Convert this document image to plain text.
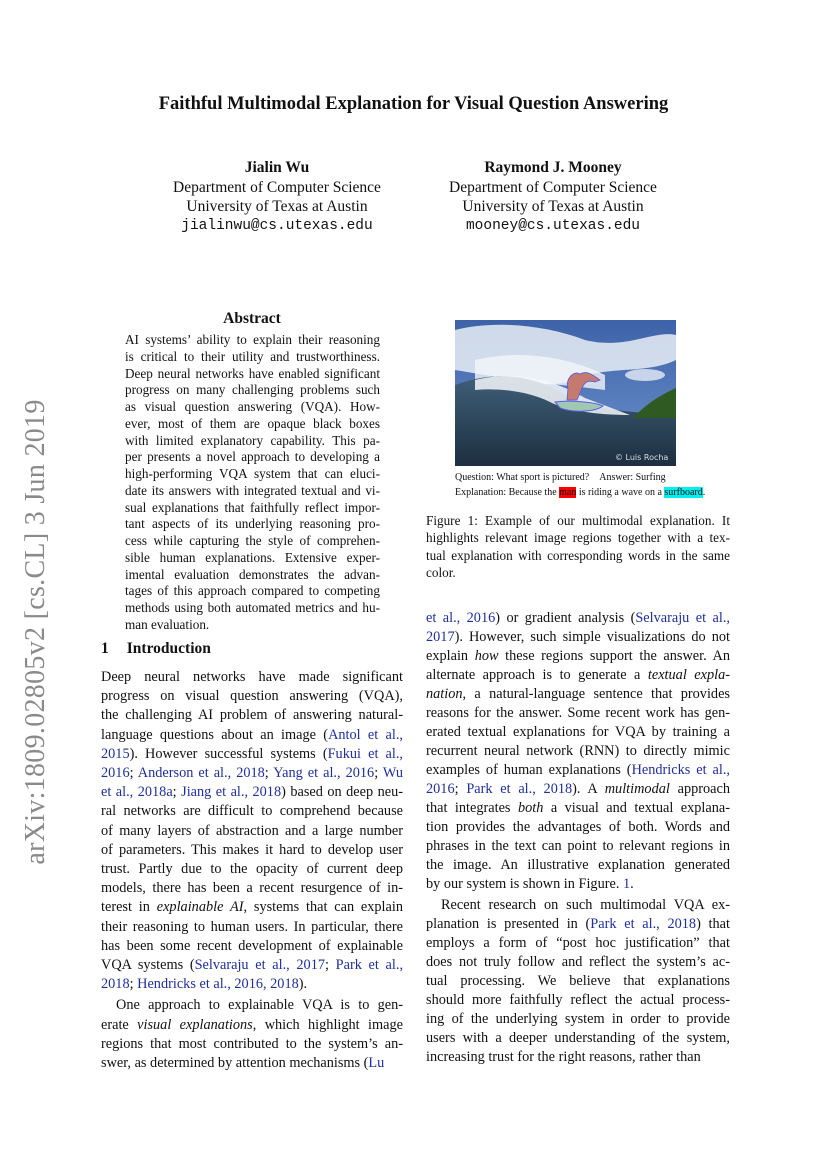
Faithful Multimodal Explanation for Visual Question Answering
Jialin Wu
Department of Computer Science
University of Texas at Austin
jialinwu@cs.utexas.edu
Raymond J. Mooney
Department of Computer Science
University of Texas at Austin
mooney@cs.utexas.edu
arXiv:1809.02805v2 [cs.CL] 3 Jun 2019
Abstract
AI systems’ ability to explain their reasoning
is critical to their utility and trustworthiness.
Deep neural networks have enabled significant
progress on many challenging problems such
as visual question answering (VQA). How-
ever, most of them are opaque black boxes
with limited explanatory capability. This pa-
per presents a novel approach to developing a
high-performing VQA system that can eluci-
date its answers with integrated textual and vi-
sual explanations that faithfully reflect impor-
tant aspects of its underlying reasoning pro-
cess while capturing the style of comprehen-
sible human explanations. Extensive exper-
imental evaluation demonstrates the advan-
tages of this approach compared to competing
methods using both automated metrics and hu-
man evaluation.
1 Introduction
Deep neural networks have made significant
progress on visual question answering (VQA),
the challenging AI problem of answering natural-
language questions about an image (Antol et al.,
2015). However successful systems (Fukui et al.,
2016; Anderson et al., 2018; Yang et al., 2016; Wu
et al., 2018a; Jiang et al., 2018) based on deep neu-
ral networks are difficult to comprehend because
of many layers of abstraction and a large number
of parameters. This makes it hard to develop user
trust. Partly due to the opacity of current deep
models, there has been a recent resurgence of in-
terest in explainable AI, systems that can explain
their reasoning to human users. In particular, there
has been some recent development of explainable
VQA systems (Selvaraju et al., 2017; Park et al.,
2018; Hendricks et al., 2016, 2018).
One approach to explainable VQA is to gen-
erate visual explanations, which highlight image
regions that most contributed to the system’s an-
swer, as determined by attention mechanisms (Lu
et al., 2016) or gradient analysis (Selvaraju et al.,
2017). However, such simple visualizations do not
explain how these regions support the answer. An
alternate approach is to generate a textual expla-
nation, a natural-language sentence that provides
reasons for the answer. Some recent work has gen-
erated textual explanations for VQA by training a
recurrent neural network (RNN) to directly mimic
examples of human explanations (Hendricks et al.,
2016; Park et al., 2018). A multimodal approach
that integrates both a visual and textual explana-
tion provides the advantages of both. Words and
phrases in the text can point to relevant regions in
the image. An illustrative explanation generated
by our system is shown in Figure. 1.
Recent research on such multimodal VQA ex-
planation is presented in (Park et al., 2018) that
employs a form of “post hoc justification” that
does not truly follow and reflect the system’s ac-
tual processing. We believe that explanations
should more faithfully reflect the actual process-
ing of the underlying system in order to provide
users with a deeper understanding of the system,
increasing trust for the right reasons, rather than
© Luis Rocha
Question: What sport is pictured? Answer: Surfing
Explanation: Because the man is riding a wave on a surfboard.
Figure 1: Example of our multimodal explanation. It
highlights relevant image regions together with a tex-
tual explanation with corresponding words in the same
color.
